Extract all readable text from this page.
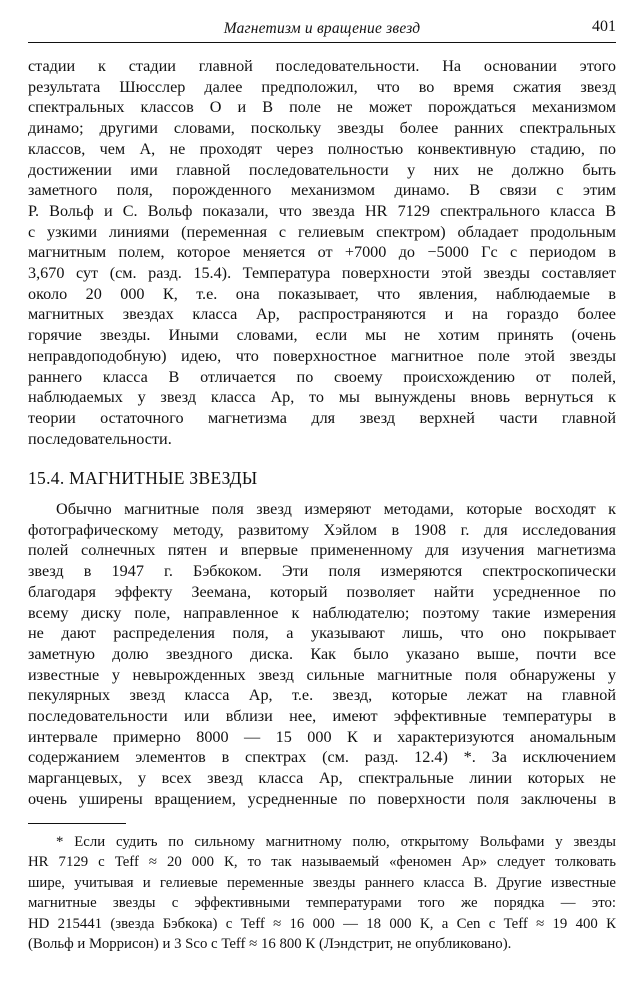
Магнетизм и вращение звезд	401

стадии к стадии главной последовательности. На основании этого
результата Шюсслер далее предположил, что во время сжатия звезд
спектральных классов O и B поле не может порождаться механизмом
динамо; другими словами, поскольку звезды более ранних спектральных
классов, чем A, не проходят через полностью конвективную стадию, по
достижении ими главной последовательности у них не должно быть
заметного поля, порожденного механизмом динамо. В связи с этим
Р. Вольф и С. Вольф показали, что звезда HR 7129 спектрального класса B
с узкими линиями (переменная с гелиевым спектром) обладает продольным
магнитным полем, которое меняется от +7000 до −5000 Гс с периодом в
3,670 сут (см. разд. 15.4). Температура поверхности этой звезды составляет
около 20 000 К, т.е. она показывает, что явления, наблюдаемые в
магнитных звездах класса Ap, распространяются и на гораздо более
горячие звезды. Иными словами, если мы не хотим принять (очень
неправдоподобную) идею, что поверхностное магнитное поле этой звезды
раннего класса B отличается по своему происхождению от полей,
наблюдаемых у звезд класса Ap, то мы вынуждены вновь вернуться к
теории остаточного магнетизма для звезд верхней части главной
последовательности.

15.4. МАГНИТНЫЕ ЗВЕЗДЫ

Обычно магнитные поля звезд измеряют методами, которые восходят к
фотографическому методу, развитому Хэйлом в 1908 г. для исследования
полей солнечных пятен и впервые примененному для изучения магнетизма
звезд в 1947 г. Бэбкоком. Эти поля измеряются спектроскопически
благодаря эффекту Зеемана, который позволяет найти усредненное по
всему диску поле, направленное к наблюдателю; поэтому такие измерения
не дают распределения поля, а указывают лишь, что оно покрывает
заметную долю звездного диска. Как было указано выше, почти все
известные у невырожденных звезд сильные магнитные поля обнаружены у
пекулярных звезд класса Ap, т.е. звезд, которые лежат на главной
последовательности или вблизи нее, имеют эффективные температуры в
интервале примерно 8000 — 15 000 К и характеризуются аномальным
содержанием элементов в спектрах (см. разд. 12.4) *. За исключением
марганцевых, у всех звезд класса Ap, спектральные линии которых не
очень уширены вращением, усредненные по поверхности поля заключены в

* Если судить по сильному магнитному полю, открытому Вольфами у звезды
HR 7129 с Teff ≈ 20 000 К, то так называемый «феномен Ap» следует толковать
шире, учитывая и гелиевые переменные звезды раннего класса B. Другие известные
магнитные звезды с эффективными температурами того же порядка — это:
HD 215441 (звезда Бэбкока) с Teff ≈ 16 000 — 18 000 К, а Cen с Teff ≈ 19 400 К
(Вольф и Моррисон) и 3 Sco с Teff ≈ 16 800 К (Лэндстрит, не опубликовано).
